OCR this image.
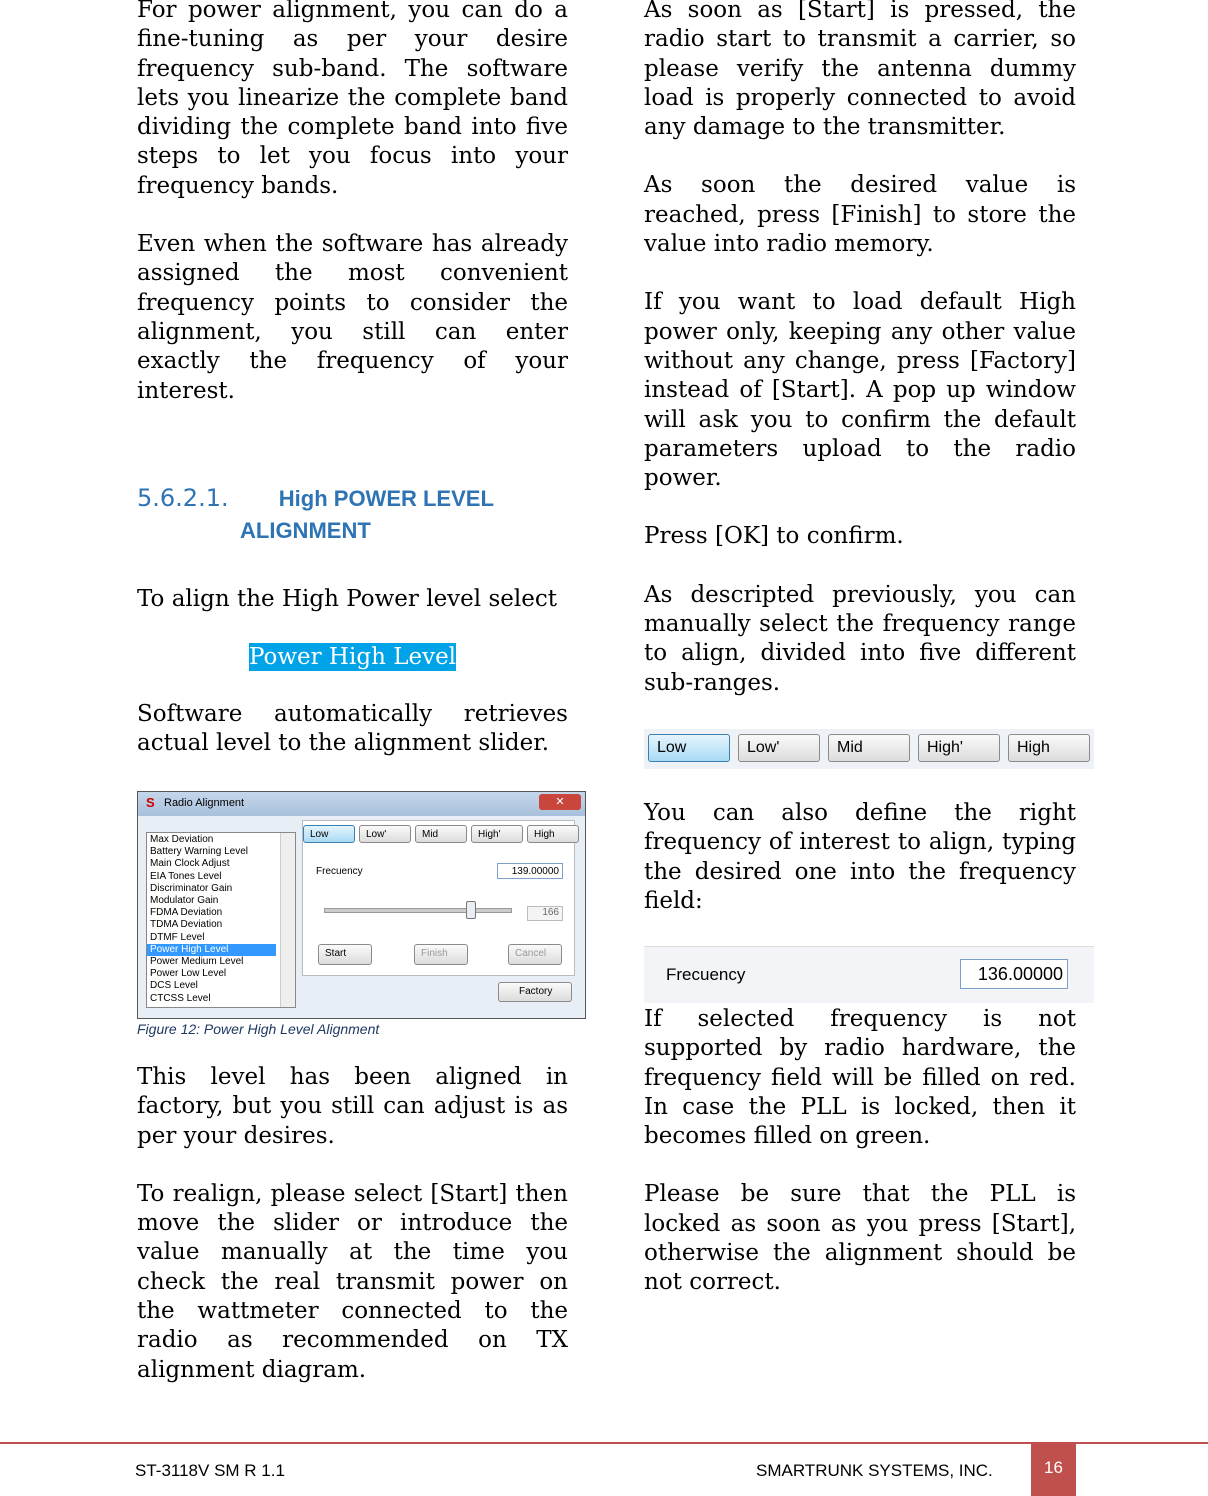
For power alignment, you can do a fine-tuning as per your desire frequency sub-band. The software lets you linearize the complete band dividing the complete band into five steps to let you focus into your frequency bands.

Even when the software has already assigned the most convenient frequency points to consider the alignment, you still can enter exactly the frequency of your interest.

5.6.2.1. High POWER LEVEL
ALIGNMENT

To align the High Power level select

Power High Level

Software automatically retrieves actual level to the alignment slider.

S Radio Alignment	✕
Max Deviation
Battery Warning Level
Main Clock Adjust
EIA Tones Level
Discriminator Gain
Modulator Gain
FDMA Deviation
TDMA Deviation
DTMF Level
Power High Level
Power Medium Level
Power Low Level
DCS Level
CTCSS Level
Low	Low'	Mid	High'	High
Frecuency	139.00000
166
Start	Finish	Cancel
Factory
Figure 12: Power High Level Alignment

This level has been aligned in factory, but you still can adjust is as per your desires.

To realign, please select [Start] then move the slider or introduce the value manually at the time you check the real transmit power on the wattmeter connected to the radio as recommended on TX alignment diagram.

As soon as [Start] is pressed, the radio start to transmit a carrier, so please verify the antenna dummy load is properly connected to avoid any damage to the transmitter.

As soon the desired value is reached, press [Finish] to store the value into radio memory.

If you want to load default High power only, keeping any other value without any change, press [Factory] instead of [Start]. A pop up window will ask you to confirm the default parameters upload to the radio power.

Press [OK] to confirm.

As descripted previously, you can manually select the frequency range to align, divided into five different sub-ranges.

Low	Low'	Mid	High'	High

You can also define the right frequency of interest to align, typing the desired one into the frequency field:

Frecuency	136.00000

If selected frequency is not supported by radio hardware, the frequency field will be filled on red. In case the PLL is locked, then it becomes filled on green.

Please be sure that the PLL is locked as soon as you press [Start], otherwise the alignment should be not correct.

ST-3118V SM R 1.1	SMARTRUNK SYSTEMS, INC.	16
